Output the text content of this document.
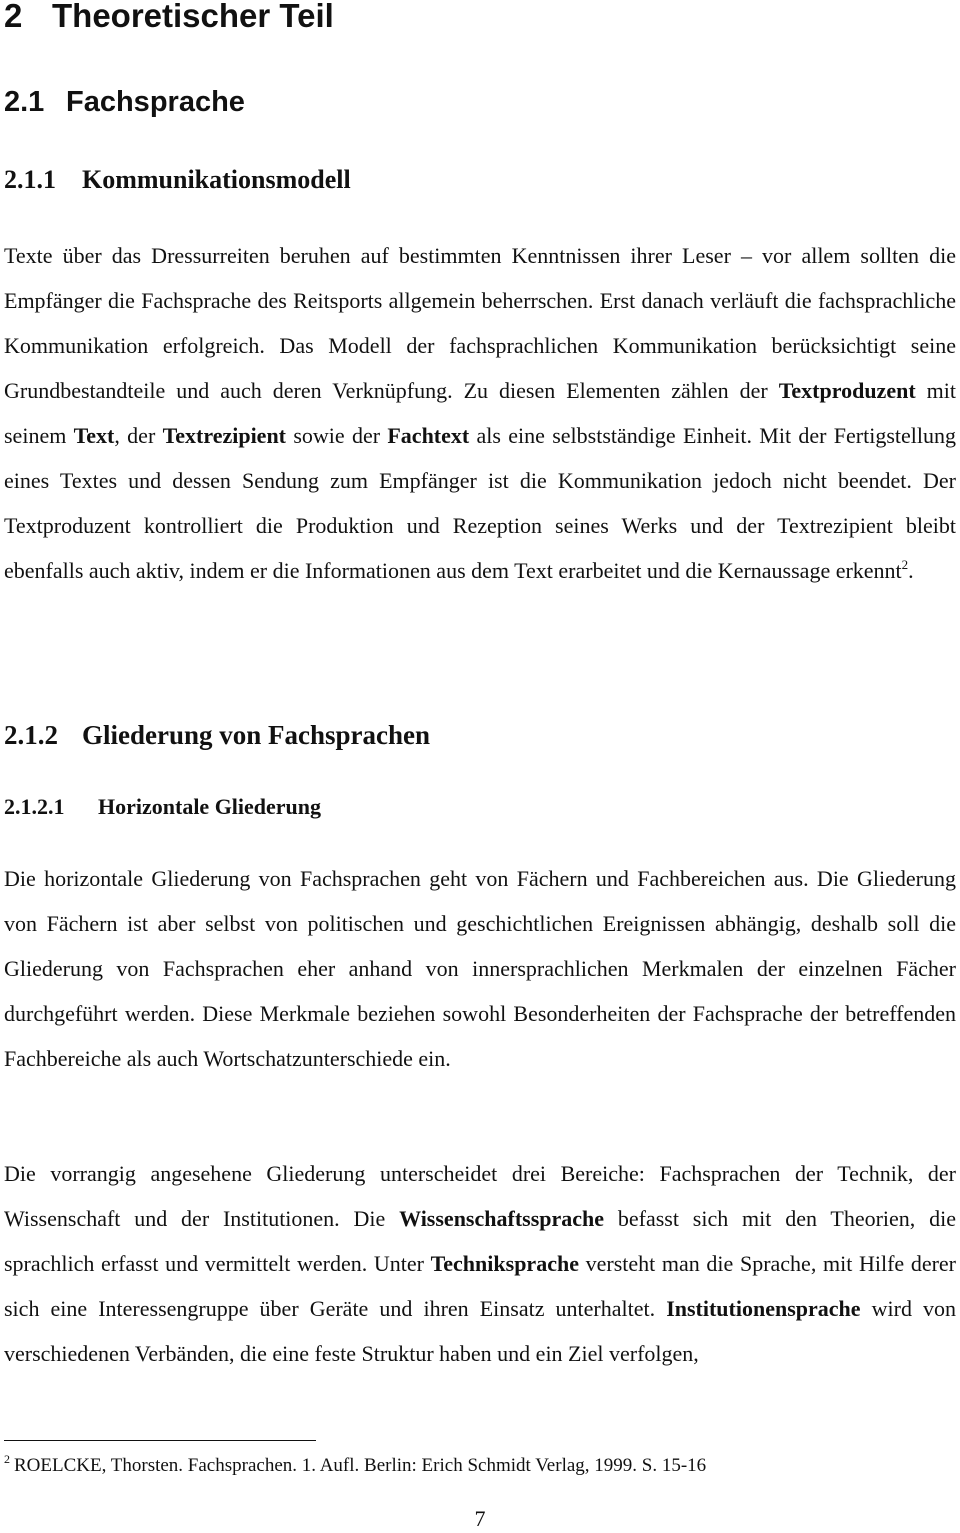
2 Theoretischer Teil
2.1 Fachsprache
2.1.1 Kommunikationsmodell

Texte über das Dressurreiten beruhen auf bestimmten Kenntnissen ihrer Leser – vor allem sollten die Empfänger die Fachsprache des Reitsports allgemein beherrschen. Erst danach verläuft die fachsprachliche Kommunikation erfolgreich. Das Modell der fachsprachlichen Kommunikation berücksichtigt seine Grundbestandteile und auch deren Verknüpfung. Zu diesen Elementen zählen der Textproduzent mit seinem Text, der Textrezipient sowie der Fachtext als eine selbstständige Einheit. Mit der Fertigstellung eines Textes und dessen Sendung zum Empfänger ist die Kommunikation jedoch nicht beendet. Der Textproduzent kontrolliert die Produktion und Rezeption seines Werks und der Textrezipient bleibt ebenfalls auch aktiv, indem er die Informationen aus dem Text erarbeitet und die Kernaussage erkennt$^2$.

2.1.2 Gliederung von Fachsprachen
2.1.2.1 Horizontale Gliederung

Die horizontale Gliederung von Fachsprachen geht von Fächern und Fachbereichen aus. Die Gliederung von Fächern ist aber selbst von politischen und geschichtlichen Ereignissen abhängig, deshalb soll die Gliederung von Fachsprachen eher anhand von innersprachlichen Merkmalen der einzelnen Fächer durchgeführt werden. Diese Merkmale beziehen sowohl Besonderheiten der Fachsprache der betreffenden Fachbereiche als auch Wortschatzunterschiede ein.

Die vorrangig angesehene Gliederung unterscheidet drei Bereiche: Fachsprachen der Technik, der Wissenschaft und der Institutionen. Die Wissenschaftssprache befasst sich mit den Theorien, die sprachlich erfasst und vermittelt werden. Unter Techniksprache versteht man die Sprache, mit Hilfe derer sich eine Interessengruppe über Geräte und ihren Einsatz unterhaltet. Institutionensprache wird von verschiedenen Verbänden, die eine feste Struktur haben und ein Ziel verfolgen,

$^2$ ROELCKE, Thorsten. Fachsprachen. 1. Aufl. Berlin: Erich Schmidt Verlag, 1999. S. 15-16

7
